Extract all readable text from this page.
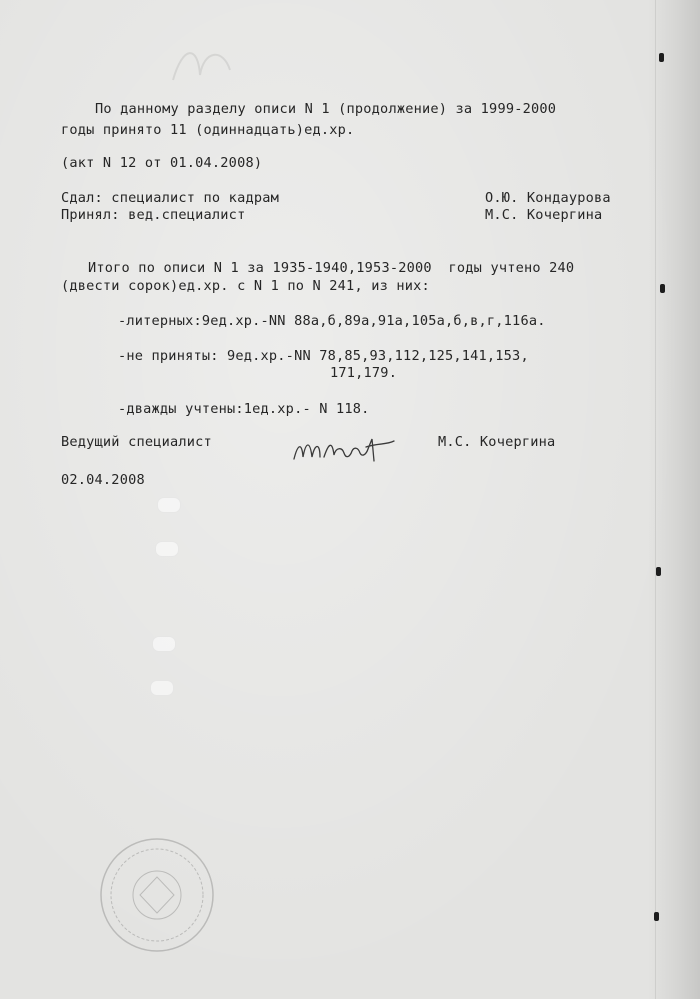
По данному разделу описи N 1 (продолжение) за 1999-2000
годы принято 11 (одиннадцать)ед.хр.
(акт N 12 от 01.04.2008)
Сдал: специалист по кадрам	О.Ю. Кондаурова
Принял: вед.специалист	М.С. Кочергина
Итого по описи N 1 за 1935-1940,1953-2000  годы учтено 240
(двести сорок)ед.хр. с N 1 по N 241, из них:
-литерных:9ед.хр.-NN 88а,б,89а,91а,105а,б,в,г,116а.
-не приняты: 9ед.хр.-NN 78,85,93,112,125,141,153,
171,179.
-дважды учтены:1ед.хр.- N 118.
Ведущий специалист	М.С. Кочергина
02.04.2008
